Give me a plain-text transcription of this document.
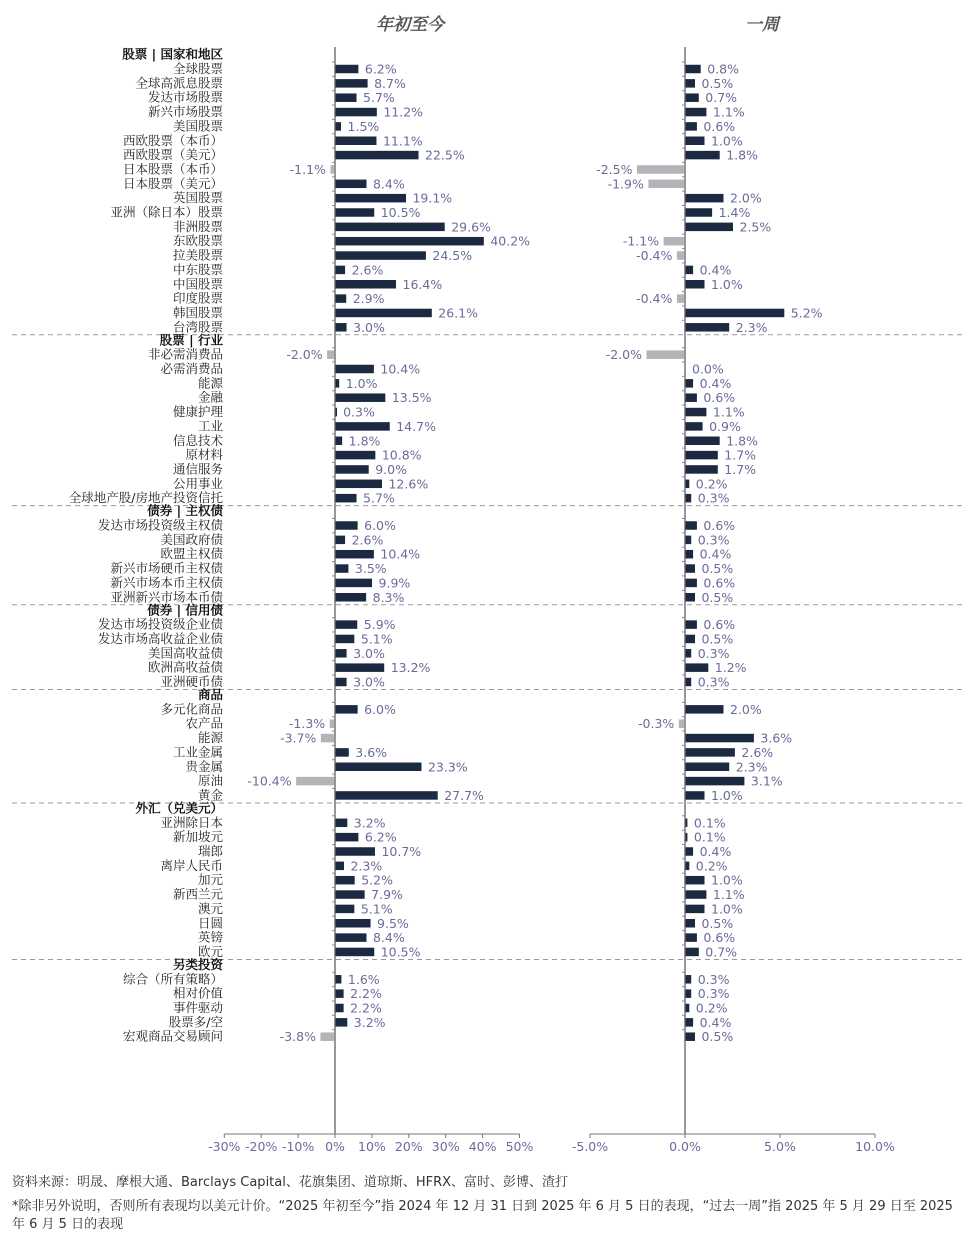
年初至今	一周
-30% -20% -10% 0% 10% 20% 30% 40% 50%	-5.0%	0.0%	5.0%	10.0%
股票 | 国家和地区
股票 | 行业
债券 | 主权债
债券 | 信用债
商品
外汇（兑美元）
另类投资
全球股票	6.2%	0.8%
全球高派息股票	8.7%	0.5%
发达市场股票	5.7%	0.7%
新兴市场股票	11.2%	1.1%
美国股票	1.5%	0.6%
西欧股票（本币）	11.1%	1.0%
西欧股票（美元）	22.5%	1.8%
日本股票（本币）	-1.1%	-2.5%
日本股票（美元）	8.4%	-1.9%
英国股票	19.1%	2.0%
亚洲（除日本）股票	10.5%	1.4%
非洲股票	29.6%	2.5%
东欧股票	40.2%	-1.1%
拉美股票	24.5%	-0.4%
中东股票	2.6%	0.4%
中国股票	16.4%	1.0%
印度股票	2.9%	-0.4%
韩国股票	26.1%	5.2%
台湾股票	3.0%	2.3%
非必需消费品	-2.0%	-2.0%
必需消费品	10.4%	0.0%
能源	1.0%	0.4%
金融	13.5%	0.6%
健康护理	0.3%	1.1%
工业	14.7%	0.9%
信息技术	1.8%	1.8%
原材料	10.8%	1.7%
通信服务	9.0%	1.7%
公用事业	12.6%	0.2%
全球地产股/房地产投资信托	5.7%	0.3%
发达市场投资级主权债	6.0%	0.6%
美国政府债	2.6%	0.3%
欧盟主权债	10.4%	0.4%
新兴市场硬币主权债	3.5%	0.5%
新兴市场本币主权债	9.9%	0.6%
亚洲新兴市场本币债	8.3%	0.5%
发达市场投资级企业债	5.9%	0.6%
发达市场高收益企业债	5.1%	0.5%
美国高收益债	3.0%	0.3%
欧洲高收益债	13.2%	1.2%
亚洲硬币债	3.0%	0.3%
多元化商品	6.0%	2.0%
农产品	-1.3%	-0.3%
能源	-3.7%	3.6%
工业金属	3.6%	2.6%
贵金属	23.3%	2.3%
原油 -10.4%	3.1%
黄金	27.7%	1.0%
亚洲除日本	3.2%	0.1%
新加坡元	6.2%	0.1%
瑞郎	10.7%	0.4%
离岸人民币	2.3%	0.2%
加元	5.2%	1.0%
新西兰元	7.9%	1.1%
澳元	5.1%	1.0%
日圆	9.5%	0.5%
英镑	8.4%	0.6%
欧元	10.5%	0.7%
综合（所有策略）	1.6%	0.3%
相对价值	2.2%	0.3%
事件驱动	2.2%	0.2%
股票多/空	3.2%	0.4%
宏观商品交易顾问	-3.8%	0.5%
资料来源：明晟、摩根大通、Barclays Capital、花旗集团、道琼斯、HFRX、富时、彭博、渣打
*除非另外说明，否则所有表现均以美元计价。“2025 年初至今”指 2024 年 12 月 31 日到 2025 年 6 月 5 日的表现，“过去一周”指 2025 年 5 月 29 日至 2025 年 6 月 5 日的表现
